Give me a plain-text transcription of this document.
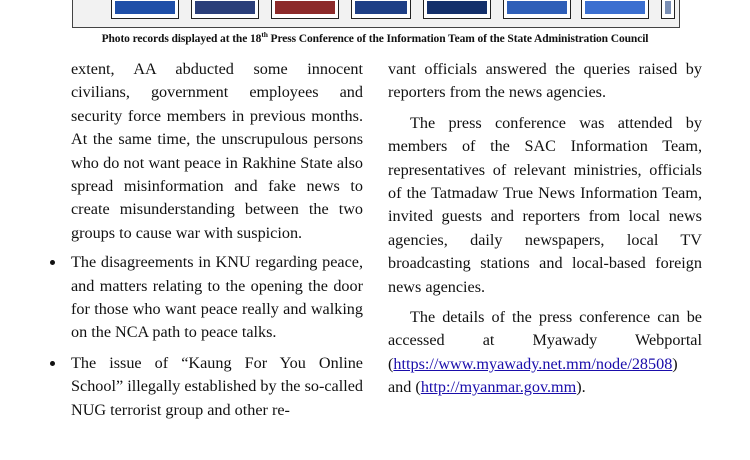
Photo records displayed at the 18th Press Conference of the Information Team of the State Administration Council

extent, AA abducted some innocent civilians, government employees and security force members in previous months. At the same time, the unscrupulous persons who do not want peace in Rakhine State also spread misinformation and fake news to create misunderstanding between the two groups to cause war with suspicion.

The disagreements in KNU regarding peace, and matters relating to the opening the door for those who want peace really and walking on the NCA path to peace talks.
The issue of “Kaung For You Online School” illegally established by the so-called NUG terrorist group and other re-

vant officials answered the queries raised by reporters from the news agencies.

The press conference was attended by members of the SAC Information Team, representatives of relevant ministries, officials of the Tatmadaw True News Information Team, invited guests and reporters from local news agencies, daily newspapers, local TV broadcasting stations and local-based foreign news agencies.

The details of the press conference can be accessed at Myawady Webportal (https://www.myawady.net.mm/node/28508) and (http://myanmar.gov.mm).
